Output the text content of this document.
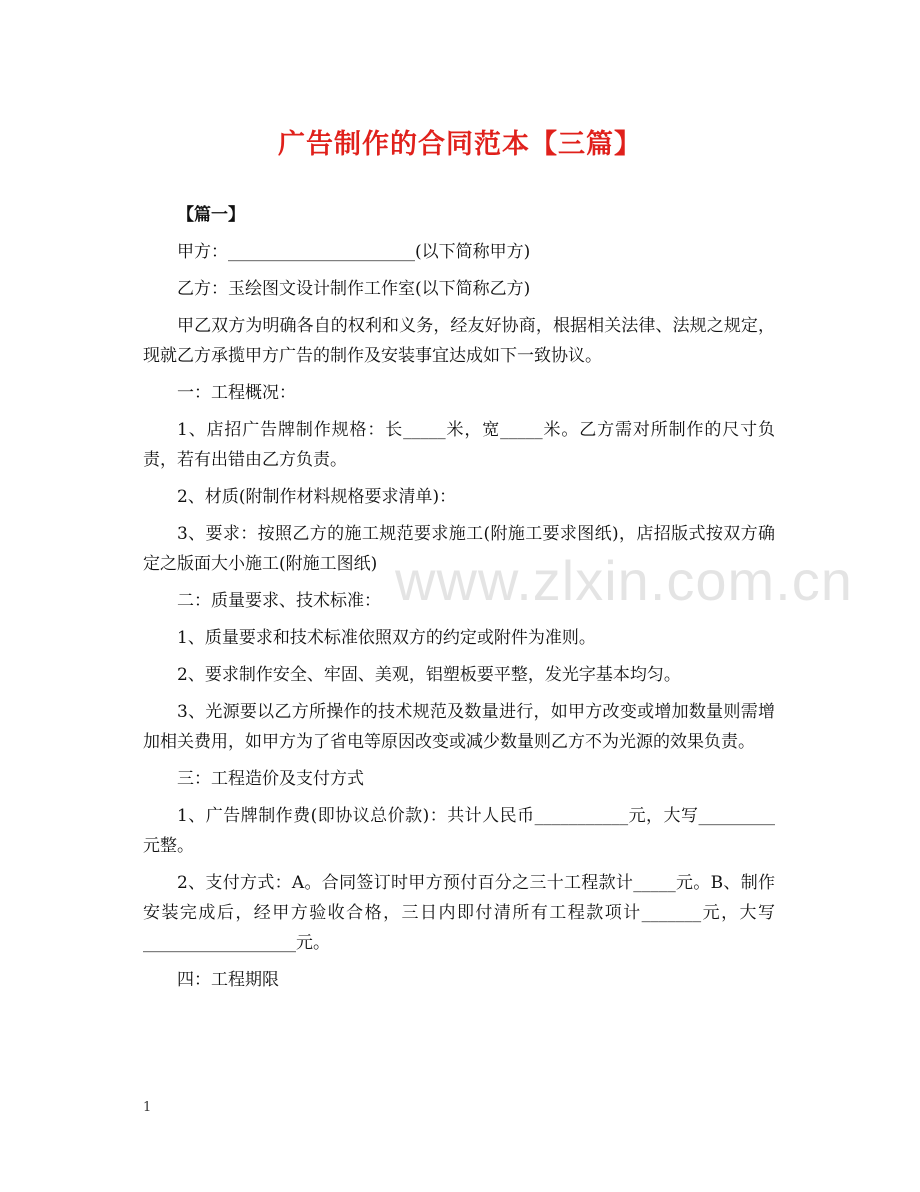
广告制作的合同范本【三篇】

【篇一】

甲方：______________________(以下简称甲方)

乙方：玉绘图文设计制作工作室(以下简称乙方)

甲乙双方为明确各自的权利和义务，经友好协商，根据相关法律、法规之规定，现就乙方承揽甲方广告的制作及安装事宜达成如下一致协议。

一：工程概况：

1、店招广告牌制作规格：长_____米，宽_____米。乙方需对所制作的尺寸负责，若有出错由乙方负责。

2、材质(附制作材料规格要求清单)：

3、要求：按照乙方的施工规范要求施工(附施工要求图纸)，店招版式按双方确定之版面大小施工(附施工图纸)

二：质量要求、技术标准：

1、质量要求和技术标准依照双方的约定或附件为准则。

2、要求制作安全、牢固、美观，铝塑板要平整，发光字基本均匀。

3、光源要以乙方所操作的技术规范及数量进行，如甲方改变或增加数量则需增加相关费用，如甲方为了省电等原因改变或减少数量则乙方不为光源的效果负责。

三：工程造价及支付方式

1、广告牌制作费(即协议总价款)：共计人民币___________元，大写_________元整。

2、支付方式：A。合同签订时甲方预付百分之三十工程款计_____元。B、制作安装完成后，经甲方验收合格，三日内即付清所有工程款项计_______元，大写__________________元。

四：工程期限

www.zlxin.com.cn
1
